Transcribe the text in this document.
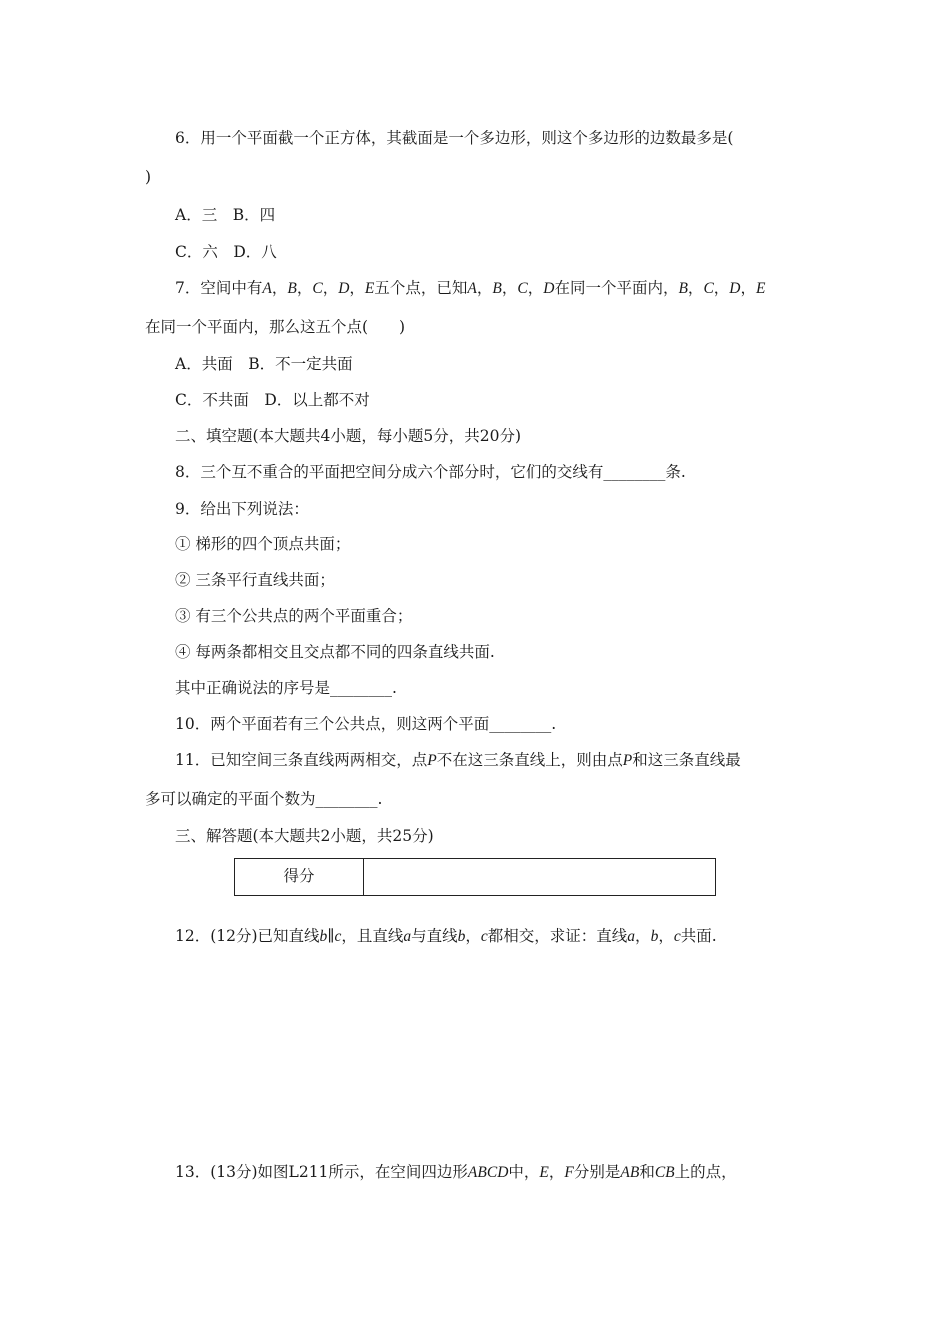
6．用一个平面截一个正方体，其截面是一个多边形，则这个多边形的边数最多是(
)
A．三　B．四
C．六　D．八
7．空间中有A，B，C，D，E五个点，已知A，B，C，D在同一个平面内，B，C，D，E
在同一个平面内，那么这五个点(　　)
A．共面　B．不一定共面
C．不共面　D．以上都不对
二、填空题(本大题共4小题，每小题5分，共20分)
8．三个互不重合的平面把空间分成六个部分时，它们的交线有________条.
9．给出下列说法：
① 梯形的四个顶点共面；
② 三条平行直线共面；
③ 有三个公共点的两个平面重合；
④ 每两条都相交且交点都不同的四条直线共面.
其中正确说法的序号是________.
10．两个平面若有三个公共点，则这两个平面________.
11．已知空间三条直线两两相交，点P不在这三条直线上，则由点P和这三条直线最
多可以确定的平面个数为________.
三、解答题(本大题共2小题，共25分)
得分
12．(12分)已知直线b∥c，且直线a与直线b，c都相交，求证：直线a，b，c共面.
13．(13分)如图L211所示，在空间四边形ABCD中，E，F分别是AB和CB上的点，
